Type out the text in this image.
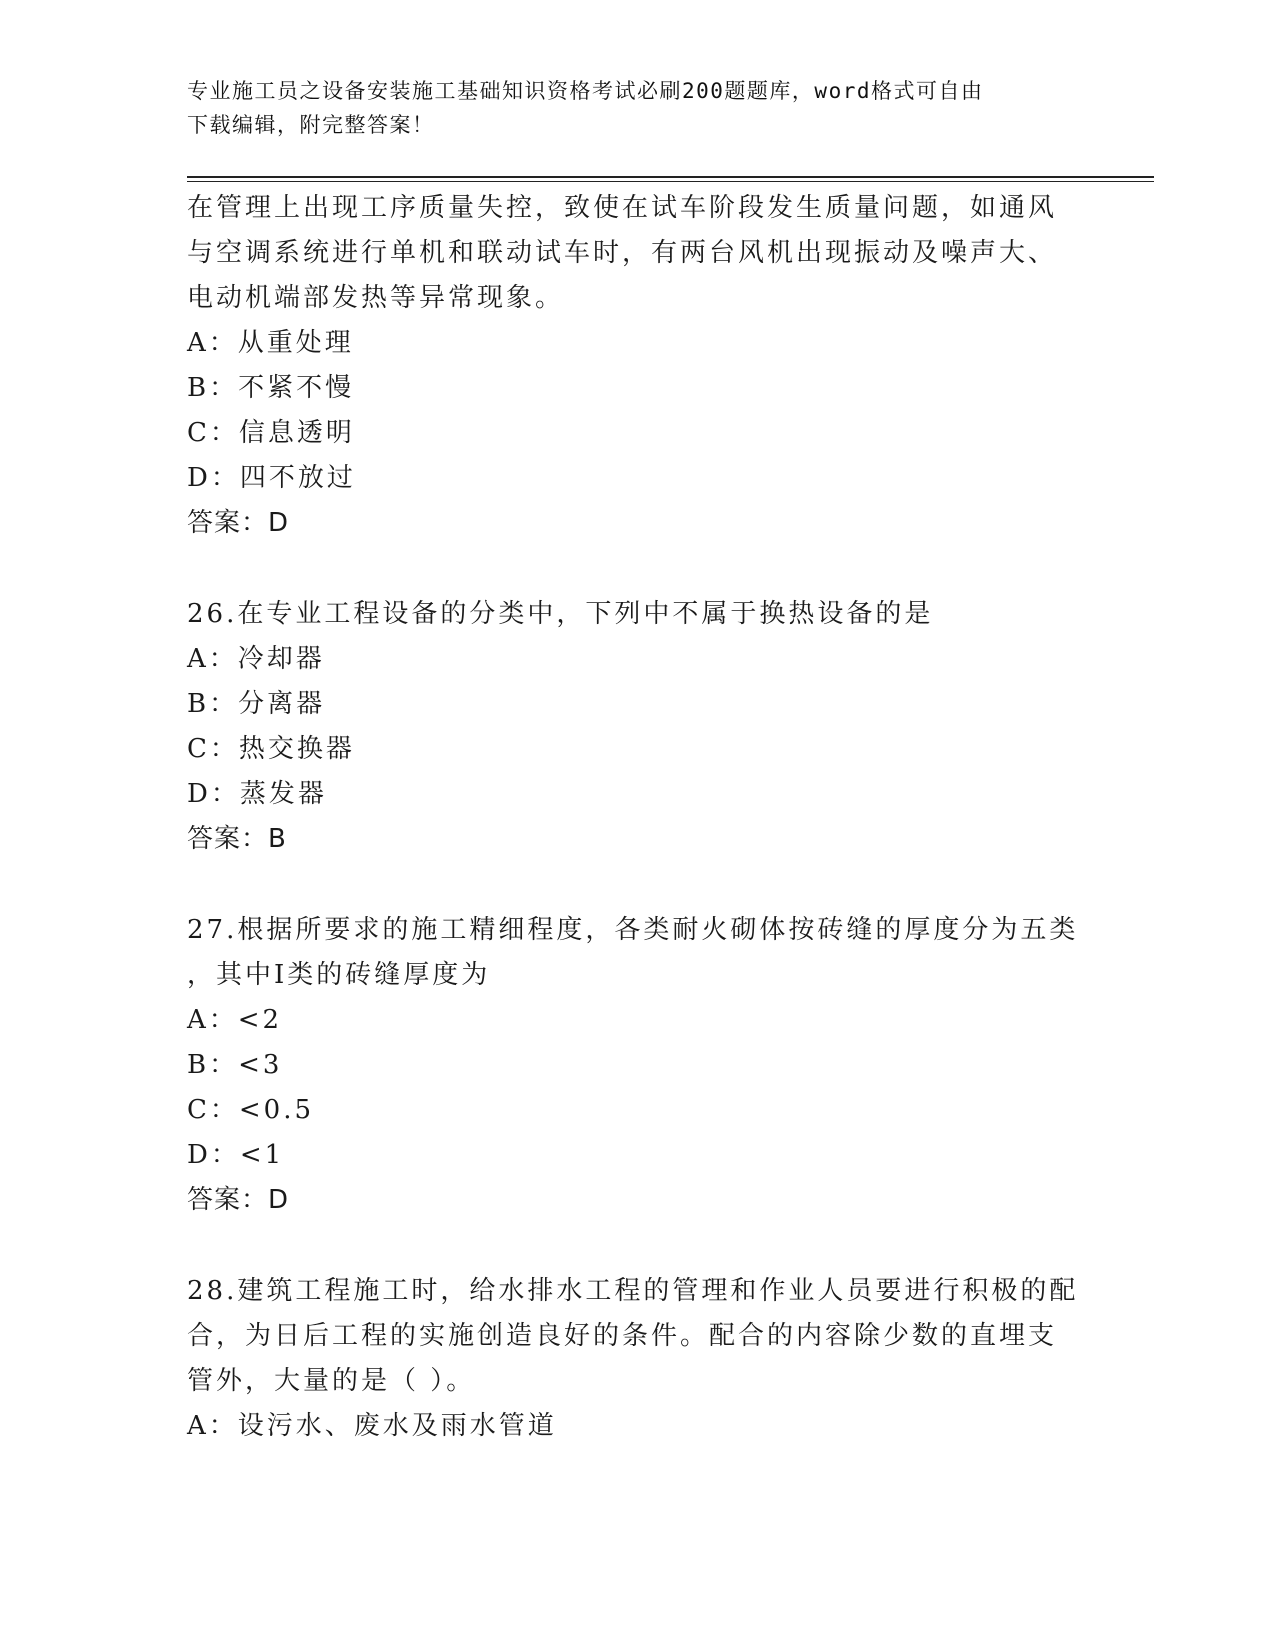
专业施工员之设备安装施工基础知识资格考试必刷200题题库，word格式可自由
下载编辑，附完整答案！
在管理上出现工序质量失控，致使在试车阶段发生质量问题，如通风
与空调系统进行单机和联动试车时，有两台风机出现振动及噪声大、
电动机端部发热等异常现象。
A：从重处理
B：不紧不慢
C：信息透明
D：四不放过
答案：D
26.在专业工程设备的分类中，下列中不属于换热设备的是
A：冷却器
B：分离器
C：热交换器
D：蒸发器
答案：B
27.根据所要求的施工精细程度，各类耐火砌体按砖缝的厚度分为五类
，其中I类的砖缝厚度为
A：<2
B：<3
C：<0.5
D：<1
答案：D
28.建筑工程施工时，给水排水工程的管理和作业人员要进行积极的配
合，为日后工程的实施创造良好的条件。配合的内容除少数的直埋支
管外，大量的是（ ）。
A：设污水、废水及雨水管道
